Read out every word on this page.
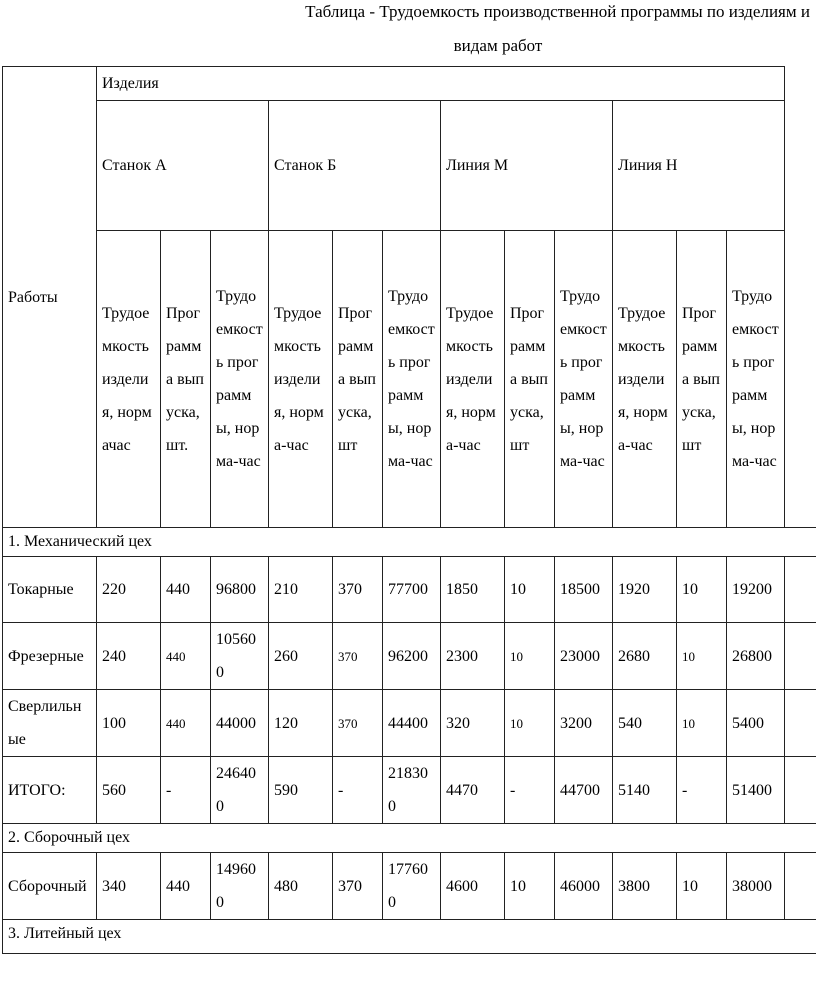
Таблица - Трудоемкость производственной программы по изделиям и
видам работ
Работы	Изделия												
	Станок А			Станок Б			Линия М			Линия Н			
	Трудоемкость изделия, нормачас	Программа выпуска, шт.	Трудоемкость программы, норма-час	Трудоемкость изделия, норма-час	Программа выпуска, шт	Трудоемкость программы, норма-час	Трудоемкость изделия, норма-час	Программа выпуска, шт	Трудоемкость программы, норма-час	Трудоемкость изделия, норма-час	Программа выпуска, шт	Трудоемкость программы, норма-час	
1. Механический цех													
Токарные	220	440	96800	210	370	77700	1850	10	18500	1920	10	19200	
Фрезерные	240	440	105600	260	370	96200	2300	10	23000	2680	10	26800	
Сверлильные	100	440	44000	120	370	44400	320	10	3200	540	10	5400	
ИТОГО:	560	-	246400	590	-	218300	4470	-	44700	5140	-	51400	
2. Сборочный цех													
Сборочный	340	440	149600	480	370	177600	4600	10	46000	3800	10	38000	
3. Литейный цех													
